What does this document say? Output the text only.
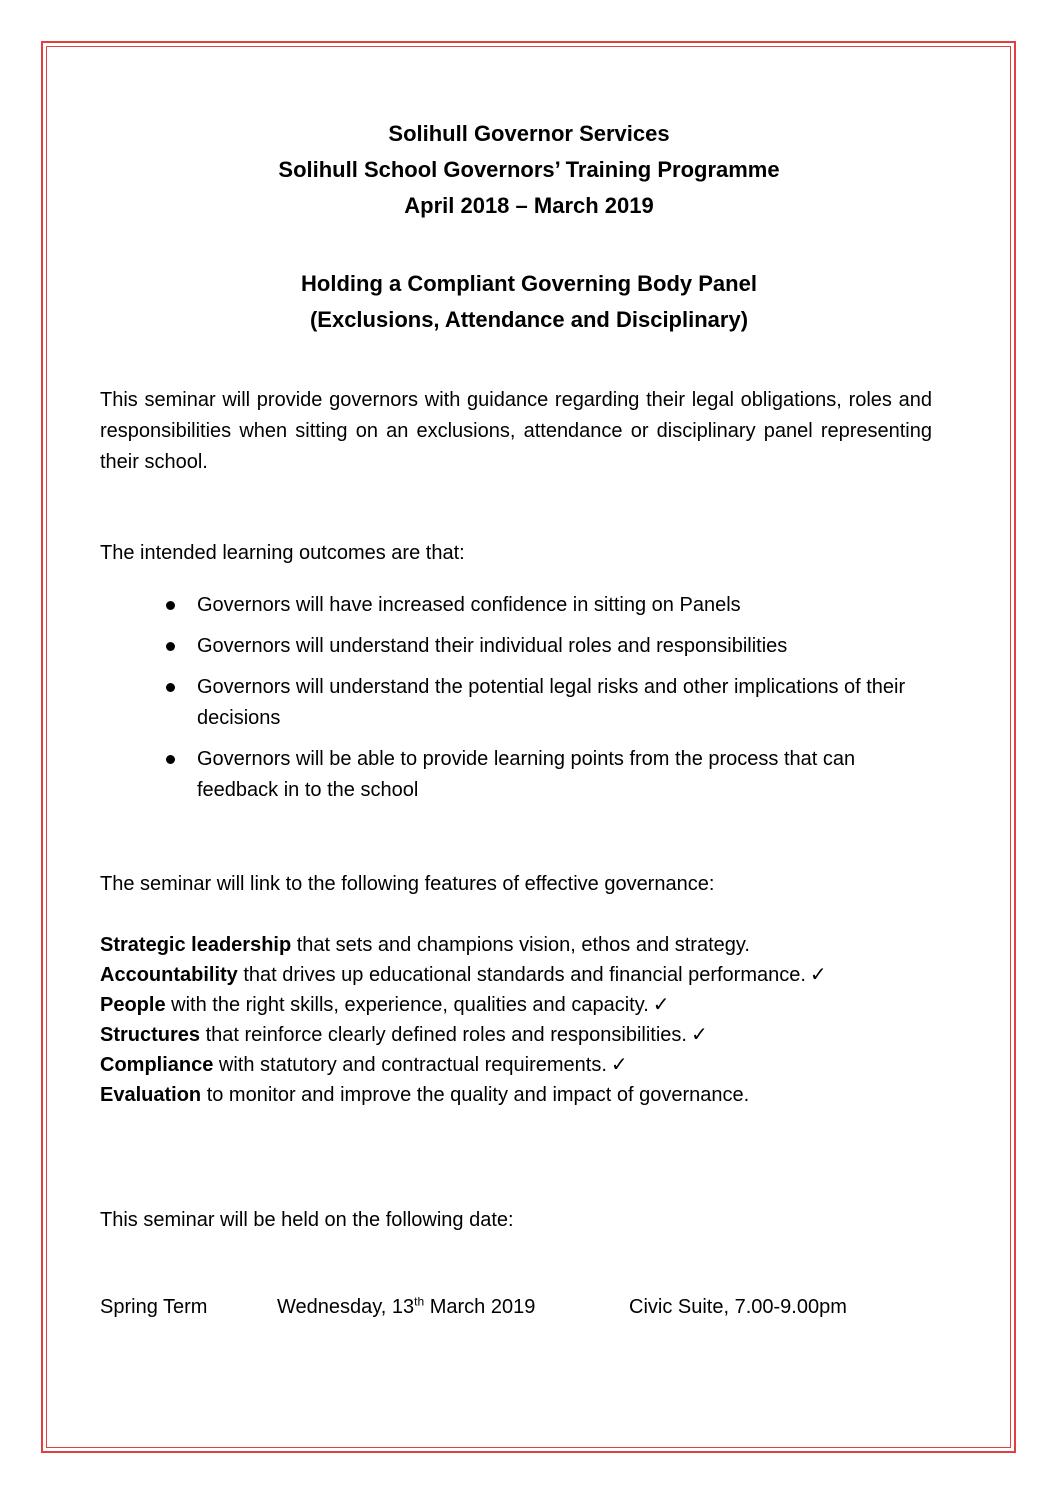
Solihull Governor Services
Solihull School Governors’ Training Programme
April 2018 – March 2019
Holding a Compliant Governing Body Panel
(Exclusions, Attendance and Disciplinary)
This seminar will provide governors with guidance regarding their legal obligations, roles and responsibilities when sitting on an exclusions, attendance or disciplinary panel representing their school.
The intended learning outcomes are that:
Governors will have increased confidence in sitting on Panels
Governors will understand their individual roles and responsibilities
Governors will understand the potential legal risks and other implications of their decisions
Governors will be able to provide learning points from the process that can feedback in to the school
The seminar will link to the following features of effective governance:
Strategic leadership that sets and champions vision, ethos and strategy.
Accountability that drives up educational standards and financial performance. ✓
People with the right skills, experience, qualities and capacity. ✓
Structures that reinforce clearly defined roles and responsibilities. ✓
Compliance with statutory and contractual requirements. ✓
Evaluation to monitor and improve the quality and impact of governance.
This seminar will be held on the following date:
Spring Term	Wednesday, 13th March 2019	Civic Suite, 7.00-9.00pm
